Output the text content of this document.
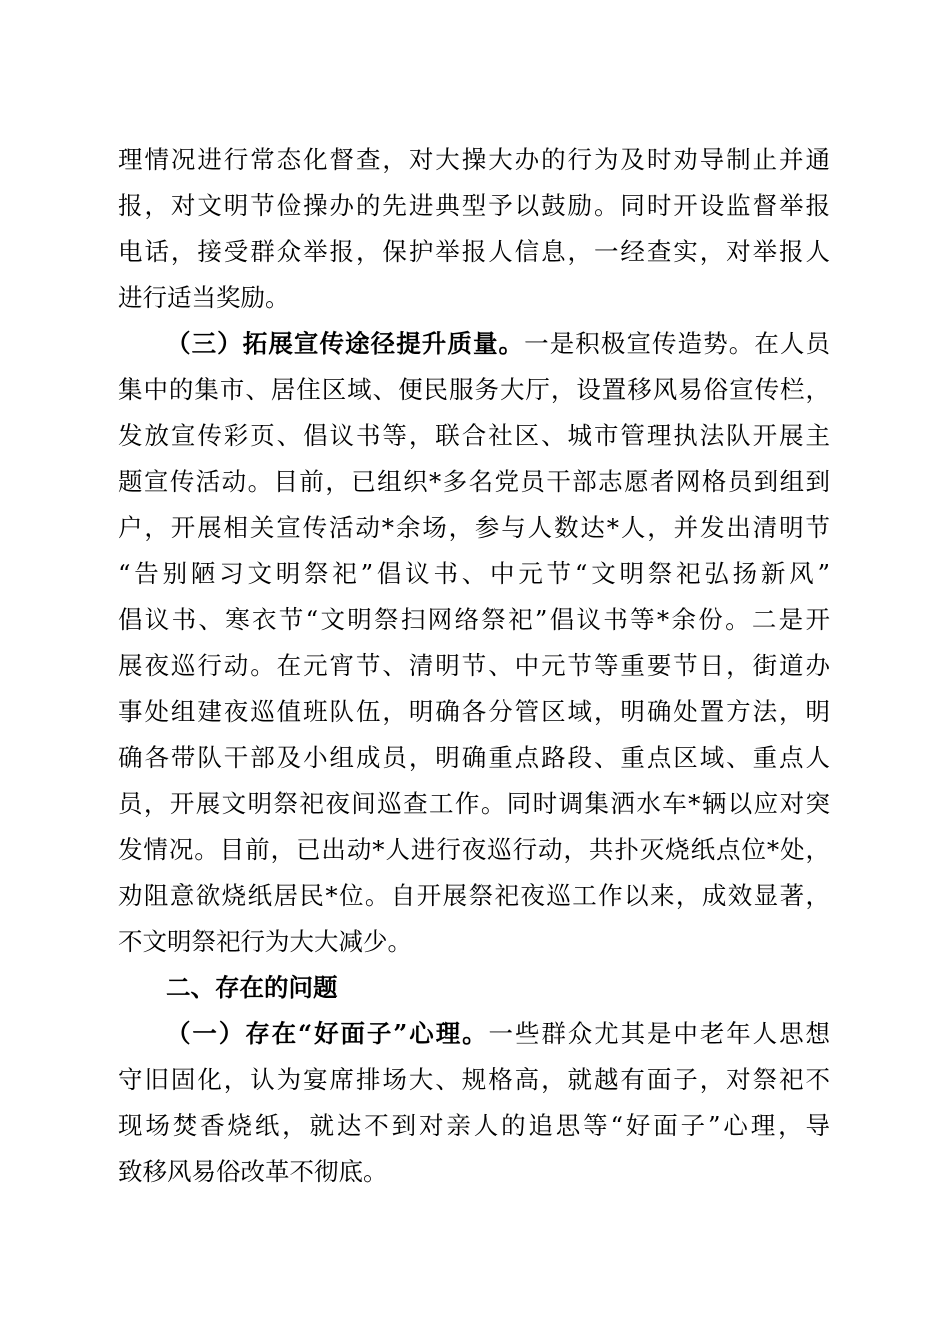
理情况进行常态化督查，对大操大办的行为及时劝导制止并通
报，对文明节俭操办的先进典型予以鼓励。同时开设监督举报
电话，接受群众举报，保护举报人信息，一经查实，对举报人
进行适当奖励。
（三）拓展宣传途径提升质量。一是积极宣传造势。在人员
集中的集市、居住区域、便民服务大厅，设置移风易俗宣传栏，
发放宣传彩页、倡议书等，联合社区、城市管理执法队开展主
题宣传活动。目前，已组织*多名党员干部志愿者网格员到组到
户，开展相关宣传活动*余场，参与人数达*人，并发出清明节
“告别陋习文明祭祀”倡议书、中元节“文明祭祀弘扬新风”
倡议书、寒衣节“文明祭扫网络祭祀”倡议书等*余份。二是开
展夜巡行动。在元宵节、清明节、中元节等重要节日，街道办
事处组建夜巡值班队伍，明确各分管区域，明确处置方法，明
确各带队干部及小组成员，明确重点路段、重点区域、重点人
员，开展文明祭祀夜间巡查工作。同时调集洒水车*辆以应对突
发情况。目前，已出动*人进行夜巡行动，共扑灭烧纸点位*处，
劝阻意欲烧纸居民*位。自开展祭祀夜巡工作以来，成效显著，
不文明祭祀行为大大减少。
二、存在的问题
（一）存在“好面子”心理。一些群众尤其是中老年人思想
守旧固化，认为宴席排场大、规格高，就越有面子，对祭祀不
现场焚香烧纸，就达不到对亲人的追思等“好面子”心理，导
致移风易俗改革不彻底。
